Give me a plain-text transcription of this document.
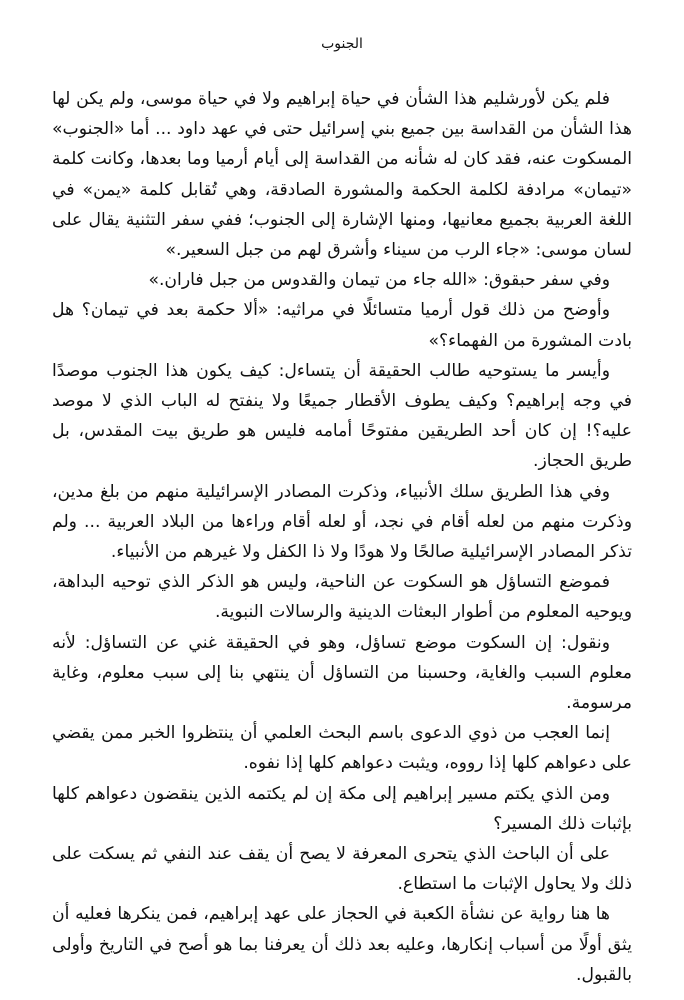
الجنوب

فلم يكن لأورشليم هذا الشأن في حياة إبراهيم ولا في حياة موسى، ولم يكن لها هذا الشأن من القداسة بين جميع بني إسرائيل حتى في عهد داود ... أما «الجنوب» المسكوت عنه، فقد كان له شأنه من القداسة إلى أيام أرميا وما بعدها، وكانت كلمة «تيمان» مرادفة لكلمة الحكمة والمشورة الصادقة، وهي تُقابل كلمة «يمن» في اللغة العربية بجميع معانيها، ومنها الإشارة إلى الجنوب؛ ففي سفر التثنية يقال على لسان موسى: «جاء الرب من سيناء وأشرق لهم من جبل السعير.»

وفي سفر حبقوق: «الله جاء من تيمان والقدوس من جبل فاران.»

وأوضح من ذلك قول أرميا متسائلًا في مراثيه: «ألا حكمة بعد في تيمان؟ هل بادت المشورة من الفهماء؟»

وأيسر ما يستوحيه طالب الحقيقة أن يتساءل: كيف يكون هذا الجنوب موصدًا في وجه إبراهيم؟ وكيف يطوف الأقطار جميعًا ولا ينفتح له الباب الذي لا موصد عليه؟! إن كان أحد الطريقين مفتوحًا أمامه فليس هو طريق بيت المقدس، بل طريق الحجاز.

وفي هذا الطريق سلك الأنبياء، وذكرت المصادر الإسرائيلية منهم من بلغ مدين، وذكرت منهم من لعله أقام في نجد، أو لعله أقام وراءها من البلاد العربية ... ولم تذكر المصادر الإسرائيلية صالحًا ولا هودًا ولا ذا الكفل ولا غيرهم من الأنبياء.

فموضع التساؤل هو السكوت عن الناحية، وليس هو الذكر الذي توحيه البداهة، ويوحيه المعلوم من أطوار البعثات الدينية والرسالات النبوية.

ونقول: إن السكوت موضع تساؤل، وهو في الحقيقة غني عن التساؤل: لأنه معلوم السبب والغاية، وحسبنا من التساؤل أن ينتهي بنا إلى سبب معلوم، وغاية مرسومة.

إنما العجب من ذوي الدعوى باسم البحث العلمي أن ينتظروا الخبر ممن يقضي على دعواهم كلها إذا رووه، ويثبت دعواهم كلها إذا نفوه.

ومن الذي يكتم مسير إبراهيم إلى مكة إن لم يكتمه الذين ينقضون دعواهم كلها بإثبات ذلك المسير؟

على أن الباحث الذي يتحرى المعرفة لا يصح أن يقف عند النفي ثم يسكت على ذلك ولا يحاول الإثبات ما استطاع.

ها هنا رواية عن نشأة الكعبة في الحجاز على عهد إبراهيم، فمن ينكرها فعليه أن يثق أولًا من أسباب إنكارها، وعليه بعد ذلك أن يعرفنا بما هو أصح في التاريخ وأولى بالقبول.
